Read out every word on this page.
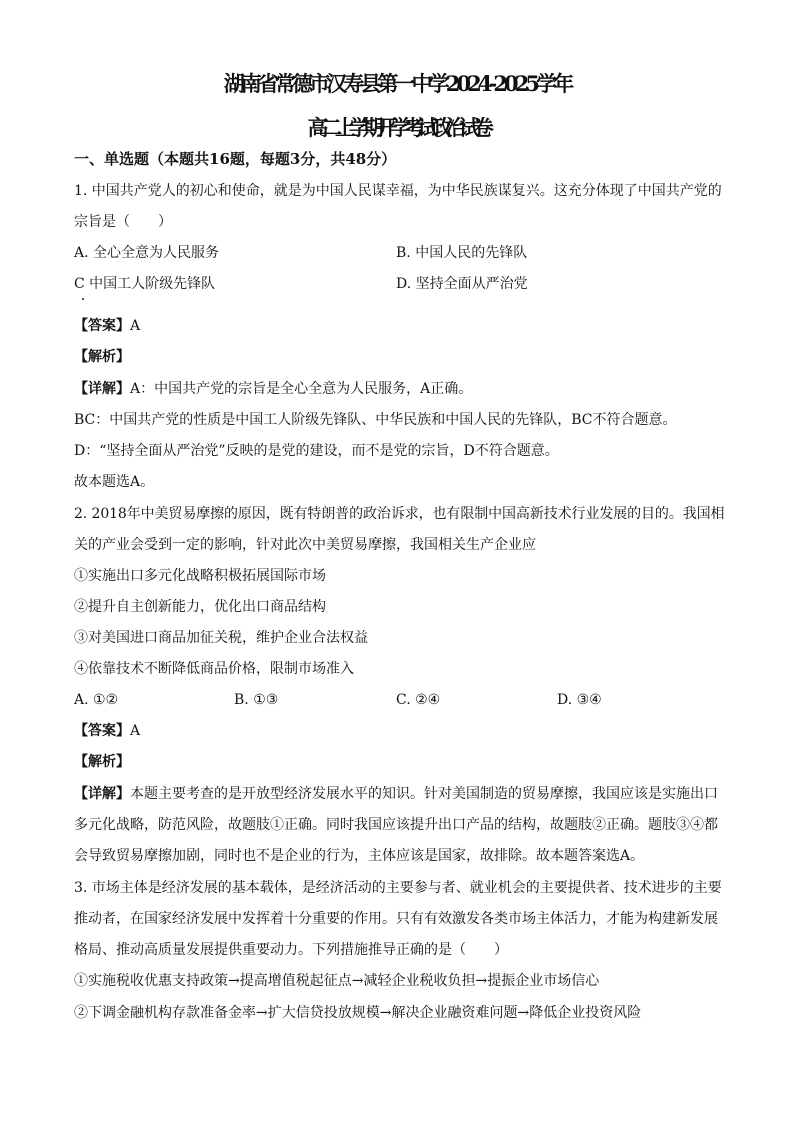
湖南省常德市汉寿县第一中学2024-2025学年
高二上学期开学考试政治试卷
一、单选题（本题共16题，每题3分，共48分）
1. 中国共产党人的初心和使命，就是为中国人民谋幸福，为中华民族谋复兴。这充分体现了中国共产党的
宗旨是（　　）
A. 全心全意为人民服务	B. 中国人民的先锋队
C 中国工人阶级先锋队	D. 坚持全面从严治党
【答案】A
【解析】
【详解】A：中国共产党的宗旨是全心全意为人民服务，A正确。
BC：中国共产党的性质是中国工人阶级先锋队、中华民族和中国人民的先锋队，BC不符合题意。
D：“坚持全面从严治党”反映的是党的建设，而不是党的宗旨，D不符合题意。
故本题选A。
2. 2018年中美贸易摩擦的原因，既有特朗普的政治诉求，也有限制中国高新技术行业发展的目的。我国相
关的产业会受到一定的影响，针对此次中美贸易摩擦，我国相关生产企业应
①实施出口多元化战略积极拓展国际市场
②提升自主创新能力，优化出口商品结构
③对美国进口商品加征关税，维护企业合法权益
④依靠技术不断降低商品价格，限制市场准入
A. ①②	B. ①③	C. ②④	D. ③④
【答案】A
【解析】
【详解】本题主要考查的是开放型经济发展水平的知识。针对美国制造的贸易摩擦，我国应该是实施出口
多元化战略，防范风险，故题肢①正确。同时我国应该提升出口产品的结构，故题肢②正确。题肢③④都
会导致贸易摩擦加剧，同时也不是企业的行为，主体应该是国家，故排除。故本题答案选A。
3. 市场主体是经济发展的基本载体，是经济活动的主要参与者、就业机会的主要提供者、技术进步的主要
推动者，在国家经济发展中发挥着十分重要的作用。只有有效激发各类市场主体活力，才能为构建新发展
格局、推动高质量发展提供重要动力。下列措施推导正确的是（　　）
①实施税收优惠支持政策→提高增值税起征点→减轻企业税收负担→提振企业市场信心
②下调金融机构存款准备金率→扩大信贷投放规模→解决企业融资难问题→降低企业投资风险
